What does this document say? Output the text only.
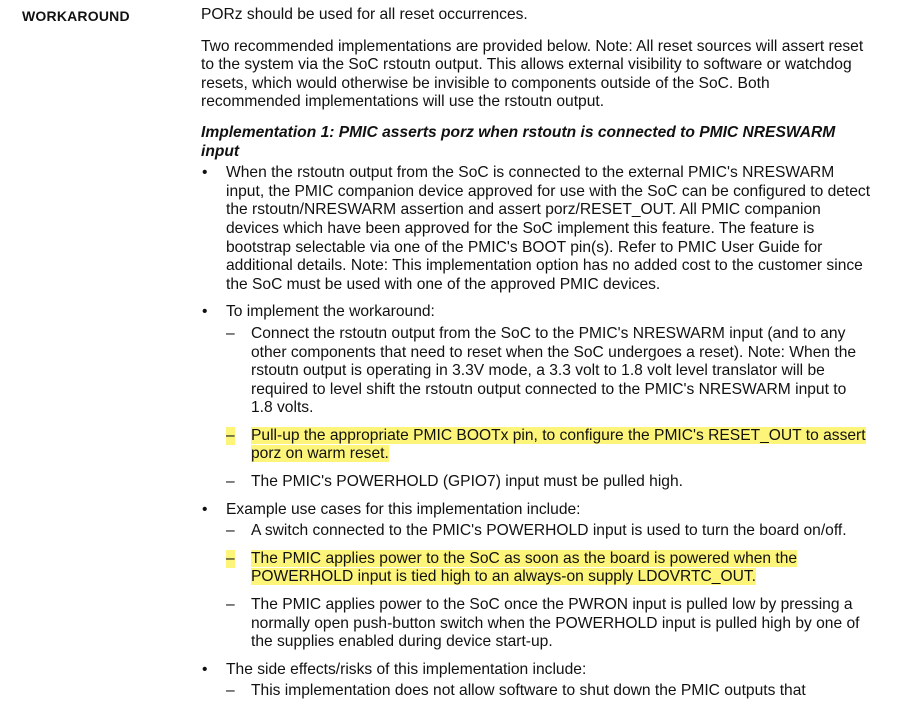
WORKAROUND	PORz should be used for all reset occurrences.

Two recommended implementations are provided below. Note: All reset sources will assert reset to the system via the SoC rstoutn output. This allows external visibility to software or watchdog resets, which would otherwise be invisible to components outside of the SoC. Both recommended implementations will use the rstoutn output.

Implementation 1: PMIC asserts porz when rstoutn is connected to PMIC NRESWARM input

• When the rstoutn output from the SoC is connected to the external PMIC's NRESWARM input, the PMIC companion device approved for use with the SoC can be configured to detect the rstoutn/NRESWARM assertion and assert porz/RESET_OUT. All PMIC companion devices which have been approved for the SoC implement this feature. The feature is bootstrap selectable via one of the PMIC's BOOT pin(s). Refer to PMIC User Guide for additional details. Note: This implementation option has no added cost to the customer since the SoC must be used with one of the approved PMIC devices.
• To implement the workaround:
– Connect the rstoutn output from the SoC to the PMIC's NRESWARM input (and to any other components that need to reset when the SoC undergoes a reset). Note: When the rstoutn output is operating in 3.3V mode, a 3.3 volt to 1.8 volt level translator will be required to level shift the rstoutn output connected to the PMIC's NRESWARM input to 1.8 volts.
– Pull-up the appropriate PMIC BOOTx pin, to configure the PMIC's RESET_OUT to assert porz on warm reset.
– The PMIC's POWERHOLD (GPIO7) input must be pulled high.
• Example use cases for this implementation include:
– A switch connected to the PMIC's POWERHOLD input is used to turn the board on/off.
– The PMIC applies power to the SoC as soon as the board is powered when the POWERHOLD input is tied high to an always-on supply LDOVRTC_OUT.
– The PMIC applies power to the SoC once the PWRON input is pulled low by pressing a normally open push-button switch when the POWERHOLD input is pulled high by one of the supplies enabled during device start-up.
• The side effects/risks of this implementation include:
– This implementation does not allow software to shut down the PMIC outputs that
